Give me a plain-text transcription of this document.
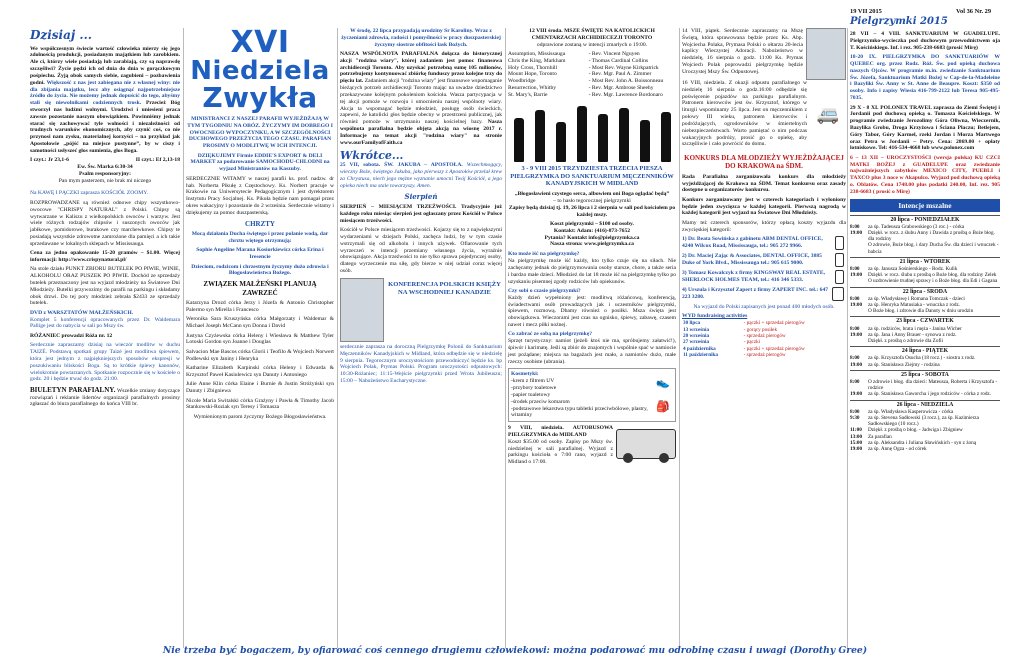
19 VII 2015	Vol 36 Nr. 29
Dzisiaj ...

We współczesnym świecie wartość człowieka mierzy się jego zdolnością produkcji, posiadanym majątkiem lub zarobkiem. Ale ci, którzy wiele posiadają lub zarabiają, czy są naprawdę szczęśliwi? Życie pędzi ich od dnia do dnia w gorączkowym pośpiechu. Żyją obok samych siebie, zagubieni – pozbawienia godni. Większość z nas jest zabiegana nie z własnej winy: nie dla zbijania majątku, lecz aby osiągnąć najpotrzebniejsze źródło do życia. Nie możemy jednak dopuścić do tego, abyśmy stali się niewolnikami codziennych trosk. Przecież Bóg stworzył nas ludźmi wolnymi. Urodziwi i uniesieni praca zawsze pozostanie naszym obowiązkiem. Powinniśmy jednak starać się zachowywać tyle wolności i niezależności od trudnych warunków ekonomicznych, aby czynić coś, co nie przynosi nam zysku, materialnej korzyści – na przykład jak Apostołowie „pójść na miejsce pustynne”, by w ciszy i samotności usłyszeć głos sumienia, głos Boga.

I czyt.: Jr 23,1-6	II czyt.: Ef 2,13-18
Ew. Św. Marka 6:30-34
Psalm responsoryjny:
Pan mym pasterzem, nie brak mi niczego

Na KAWĘ I PĄCZKI zaprasza KOŚCIÓŁ ZOOMY.

ROZPROWADZANE są również odnowe chipy wszystkowo-owocowe "CHRISPY NATURAL" z Polski. Chipsy są wytwarzane w Kaliszu z wielkopolskich owoców i warzyw. Jest wiele różnych rodzajów chipsów i suszonych owoców jak jabłkowe, pomidorowe, burakowe czy marchewkowe. Chipsy te posiadają wszystkie zdrowotne zamrożone dla pamięci a ich takie sprzedawane w lokalnych sklepach w Mississauga.

Cena za jedno opakowanie 15-20 gramów – $1.00. Więcej informacji: http://www.crispynatural.pl/

Na stole działu PUNKT ZBIORU BUTELEK PO PIWIE, WINIE, ALKOHOLU ORAZ PUSZEK PO PIWIE. Dochód ze sprzedaży butelek przeznaczony jest na wyjazd młodzieży na Światowe Dni Młodzieży. Butelki przywozimy do parafii na parkingu i składamy obok drzwi. Do tej pory młodzież zebrała $2433 ze sprzedaży butelek.

DVD z WARSZTATÓW MAŁŻEŃSKICH.

Komplet 5 konferencji opracowanych przez Dr. Waldemara Pallige jest do nabycia w sali po Mszy św.

RÓŻANIEC prowadzi Róża nr. 12

Serdecznie zapraszamy dzisiaj na wieczór modlitw w duchu TAIZÉ. Podstawą spotkań grupy Taizé jest modlitwa śpiewem, która jest jednym z najpiękniejszych sposobów ekspresji w poszukiwaniu bliskości Boga. Są to krótkie śpiewy kanonów, wielokrotnie powtarzanych. Spotkanie rozpocznie się w kościele o godz. 20 i będzie trwać do godz. 21:00.

BIULETYN PARAFIALNY. Wszelkie zmiany dotyczące rozwiązań i reklamie lidertów organizacji parafialnych prosimy zgłaszać do biura parafialnego do końca VIII br.

XVI
Niedziela
Zwykła

MINISTRANCI Z NASZEJ PARAFII WYJEŻDŻAJĄ W TYM TYGODNIU NA OBÓZ. ŻYCZYMY IM DOBREGO I OWOCNEGO WYPOCZYNKU, A W SZCZEGÓLNOŚCI DUCHOWEGO PRZEŻYCIA TEGO CZASU. PARAFIAN PROSIMY O MODLITWĘ W ICH INTENCJI.

DZIĘKUJEMY Firmie EDDIE'S EXPORT & DELI MARKET za podarowanie SAMOCHODU-CHLODNI na wyjazd Ministrantów na Kaszuby.

SERDECZNIE WITAMY w naszej parafii ks. prof. nadzw. dr hab. Norberta Pikułę z Częstochowy. Ks. Norbert pracuje w Krakowie na Uniwersytecie Pedagogicznym i jest dyrektorem Instytutu Pracy Socjalnej. Ks. Pikuła będzie nam pomagał przez okres wakacyjny i pozostanie do 2 września. Serdecznie witamy i dziękujemy za pomoc duszpasterską.

CHRZTY

Mocą działania Ducha świętego i przez polanie wodą, dar chrztu więtego otrzymują:

Sophie Angeline Marana Kosiorkiewicz córka Erina i Iresencie

Dzieciom, rodzicom i chrzestnym życzymy dużo zdrowia i Błogosławieństwa Bożego.

ZWIĄZEK MAŁŻEŃSKI PLANUJĄ ZAWRZEĆ

Katarzyna Drozd córka Jerzy i Józefa & Antonio Christopher Palermo syn Mirella i Francesco

Weronika Sara Kruszyńska córka Małgorzaty i Waldemar & Michael Joseph McCann syn Donna i David

Justyna Czyżewska córka Heleny i Wiesława & Matthew Tyler Lotoski Gordon syn Joanne i Douglas

Salvacion Mae Bascos córka Glorii i Teofilo & Wojciech Norwert Podlewski syn Janiny i Henryka

Katharine Elizabeth Karpinski córka Heleny i Edwarda & Krzysztof Paweł Kasiulewicz syn Danuty i Antoniego

Julie Anne Klin córka Elaine i Burnie & Justin Stróżyński syn Danuty i Zbigniewa

Nicole Maria Switalski córka Grażyny i Pawła & Timothy Jacob Stankowski-Roziak syn Teresy i Tomasza

Wymienionym parom życzymy Bożego Błogosławieństwa.

W środę, 22 lipca przypadają urodziny Sr Karoliny. Wraz z życzeniami zdrowia, radości i pomyślności w pracy duszpasterskiej życzymy siostrze obfitości łask Bożych.

NASZA WSPÓLNOTA PARAFIALNA dołącza do historycznej akcji "rodzina wiary", której zadaniem jest pomoc finansowa archidiecezji Toronto. Aby uzyskać potrzebną sumę 105 milionów, potrzebujemy kontynuować zbiórkę funduszy przez kolejne trzy do pięciu lat. Zadaniem akcji "rodzina wiary" jest finansowe wspomaganie bieżących potrzeb archidiecezji Toronto mając na uwadze dziedzictwo przekazywane kolejnym pokoleniom kościoła. Wasza partycypacja w tej akcji pomoże w rozwoju i umocnieniu naszej wspólnoty wiary. Akcja ta wspomagać będzie młodzież, posługę osób świeckich, zapewni, że katolicki głos będzie obecny w przestrzeni publicznej, jak również pomoże w utrzymaniu naszej kościelnej bazy. Nasza wspólnota parafialna będzie objęta akcją na wiosnę 2017 r. Informacje na temat akcji "rodzina wiary" na stronie www.ourFamilyofFaith.ca

Wkrótce...

25 VII, sobota. ŚW. JAKUBA – APOSTOŁA. Wszechmogący, wieczny Boże, świętego Jakuba, jako pierwszy z Apostołów przelał krew za Chrystusa, niech jego mężne wyznanie umocni Twój Kościół, a jego opieka niech ma stale towarzyszy. Amen.

Sierpień

SIERPIEŃ – MIESIĄCEM TRZEŹWOŚCI. Tradycyjnie już każdego roku miesiąc sierpień jest ogłaszany przez Kościół w Polsce miesiącem trzeźwości.

Kościół w Polsce miesiącem trzeźwości. Kojarzy się to z największymi wydarzeniami w dziejach Polski, zachęca ludzi, by w tym czasie wstrzymali się od alkoholu i innych używek. Ofiarowanie tych wyrzeczeń w intencji przemiany własnego życia, wyraźnie obowiązujące. Akcja trzeźwości to nie tylko sprawa pojedynczej osoby, dlatego wyrzeczenie ma siłę, gdy bierze w niej udział coraz więcej osób.

KONFERENCJA POLSKICH KSIĘŻY NA WSCHODNIEJ KANADZIE

serdecznie zaprasza na doroczną Pielgrzymkę Polonii do Sanktuarium Męczenników Kanadyjskich w Midland, która odbędzie się w niedzielę 9 sierpnia. Tegorocznym uroczystościom przewodniczyć będzie ks. bp Wojciech Polak, Prymas Polski. Program uroczystości odpustowych: 10:30-Różaniec; 11:15-Wejście pielgrzymki przed Wrota Jubileuszu; 15:00 – Nabożeństwo Eucharystyczne.

12 VIII środa. MSZE ŚWIĘTE NA KATOLICKICH CMENTARZACH ARCHIDIECEZJI TORONTO

odprawione zostaną w intencji zmarłych o 19:00.

Assumption, Mississauga	- Rev. Vincent Nguyen
Chris the King, Markham	- Thomas Cardinal Collins
Holy Cross, Thornhill	- Most Rev. Wayne Kirkpatrick
Mount Hope, Toronto	- Rev. Mgr. Paul A. Zimmer
Woodbridge	- Most Rev. John A. Boissonneau
Resurrection, Whitby	- Rev. Mgr. Ambrose Sheehy
St. Mary's, Barrie	- Rev. Mgr. Lawrence Bordonaro
3 - 9 VIII 2015 TRZYDZIESTA TRZECIA PIESZA PIELGRZYMKA DO SANKTUARIUM MĘCZENNIKÓW KANADYJSKICH W MIDLAND

„Błogosławieni czystego serca, albowiem oni Boga oglądać będą”

– to hasło tegorocznej pielgrzymki

Zapisy będą dzisiaj tj. 19, 26 lipca i 2 sierpnia w sali pod kościołem po każdej mszy.

Koszt pielgrzymki – $100 od osoby.

Kontakt: Adam: (416)-873-7652

Pytania? Kontakt info@pielgrzymka.ca

Nasza strona: www.pielgrzymka.ca

Kto może iść na pielgrzymkę?

Na pielgrzymkę może iść każdy, kto tylko czuje się na siłach. Nie zachęcamy jednak do pielgrzymowania osoby starsze, chore, a także seria i bardzo małe dzieci. Młodzież do lat 18 może iść na pielgrzymkę tylko po uzyskaniu pisemnej zgody rodziców lub opiekunów.

Czy sobi o czasie pielgrzymki?

Każdy dzień wypełniony jest: modlitwą różańcową, konferencją, świadectwami osób prowadzących jak i uczestników pielgrzymki, śpiewem, rozmową. Dbamy również o posiłki. Msza święta jest obowiązkowa. Wieczorami jest czas na ognisko, śpiewy, zabawę, czasem nawet i mecz piłki nożnej.

Co zabrać ze sobą na pielgrzymkę?

Sprzęt turystyczny: namiot (jeżeli ktoś nie ma, spróbujemy załatwić!), śpiwór i karimatę. Jeśli są zbiór do znajomych i wspólnie spać w namiocie jest pożądane; miejsca na bagażach jest mało, a namiotów dużo, małe rzeczy osobiste (ubrania).

Kosmetyki:
-krem z filtrem UV
-przybory toaletowe
-papier toaletowy
-środek przeciw komarom
-podstawowe lekarstwa typu tabletki przeciwbólowe, plastry, witaminy
👟
🎒

9 VIII, niedziela. AUTOBUSOWA PIELGRZYMKA do MIDLAND

Koszt $35.00 od osoby. Zapisy po Mszy św. niedzielnej w sali parafialnej. Wyjazd z parkingu kościoła o 7:00 rano, wyjazd z Midland o 17:00.

14 VIII, piątek. Serdecznie zapraszamy na Mszę Świętą, która sprawowana będzie przez Ks. Abp. Wojciecha Polaka, Prymasa Polski o ołtarzu 20-lecia kaplicy Wieczystej Adoracji. Nabożeństwo w niedzielę, 16 sierpnia o godz. 11:00 Ks. Prymas Wojciech Polak poprowadzi pielgrzymkę będzie Uroczystej Mszy Św. Odpustowej.

16 VIII, niedziela. Z okazji odpustu parafialnego w niedzielę 16 sierpnia o godz.16:00 odbędzie się poświęcenie pojazdów na parkingu parafialnym. Patronem kierowców jest św. Krzysztof, którego w liturgii wspominamy 25 lipca. Jest on męczennikiem z połowy III wieku, patronem kierowców i podróżujących, ogrodowników w śmiertelnych niebezpieczeństwach. Warto pamiętać o nim podczas wakacyjnych podróży, prosić go o opiekę, aby szczęśliwie i cało powrócić do domu.

🚐
KONKURS DLA MŁODZIEŻY WYJEŻDŻAJĄCEJ DO KRAKOWA na ŚDM.

Rada Parafialna zorganizowała konkurs dla młodzieży wyjeżdżającej do Krakowa na ŚDM. Temat konkursu oraz zasady dostępne u organizatorów konkursu.

Konkurs zorganizowany jest w czterech kategoriach i wyłoniony będzie jeden zwycięzca w każdej kategorii. Pierwszą nagrodą w każdej kategorii jest wyjazd na Światowe Dni Młodzieży.

Mamy też czterech sponsorów, którzy opłacą koszty wyjazdu dla zwycięskiej kategorii:

1) Dr. Beata Sowińska z gabinetu ABM DENTAL OFFICE, 4240 Wilcox Road, Mississauga, tel.: 905 272 9966.
2) Dr. Maciej Zając & Associates, DENTAL OFFICE, 3885 Duke of York Blvd., Mississauga tel.: 905 615 9000.
3) Tomasz Kowalczyk z firmy KINGSWAY REAL ESTATE, SHERLOCK HOLMES TEAM, tel.: 416 346 5333.
4) Urszula i Krzysztof Zapert z firmy ZAPERT INC. tel.: 647 223 3280.

Na wyjazd do Polski zapisanych jest ponad 400 młodych osób.

WYD fundraising activities
30 lipca	- pączki + sprzedaż pierogów
13 września	- gorący posiłek
20 września	- sprzedaż pierogów
27 września	- pączki
4 października	- pączki + sprzedaż pierogów
11 października	- sprzedaż pierogów
Pielgrzymki 2015

28 VII – 4 VIII. SANKTUARIUM W GUADELUPE. Pielgrzymko-wycieczka pod duchowym przewodnictwem oja T. Kościńskiego. Inf. i rez. 905-238-6683 (prosić Mirę)

18-20 IX. PIELGRZYMKA DO SANKTUARIÓW W QUEBEC org. przez Rodz. Róż. Św. pod opieką duchowa naszych Ojców. W programie m.in. zwiedzanie Sanktuarium Św. Józefa, Sanktuarium Matki Bożej w Cap-de-la-Madeleine i Bazyliki Św. Anny w St. Anne de Beaupre. Koszt: $350 od osoby. Info i zapisy Wiesia 416-799-2122 lub Teresa 905-495-7035.

29 X - 8 XI. POLONEX TRAVEL zaprasza do Ziemi Świętej i Jordanii pod duchową opieką o. Tomasza Kościelskiego. W programie zwiedzanie Jerozolimy Góra Oliwna, Wieczernik, Bazylika Grobu, Droga Krzyżowa i Ściana Płaczu; Betlejem, Góry Tabor, Góry Karmel, rzeki Jordan i Morza Martwego oraz Petra w Jordanii – Petry. Cena: 2869.00 + opłaty lotniskowe. Tel: 416-534-4668 lub www.polonex.com

6 – 13 XII – UROCZYSTOŚCI (wersja polska) KU CZCI MATKI BOŻEJ z GUADELUPE oraz zwiedzanie najważniejszych zabytków MEXICO CITY, PUEBLI i TAXCO plus 3 noce w Akapulco. Wyjazd pod duchową opieką o. Oblatów. Cena 1748.00 plus podatki 240.00, Inf. rez. 905 238-6683 ( prosić o Mirę)

Intencje mszalne
20 lipca - PONIEDZIAŁEK
8:00	za śp. Tadeusza Grabowskiego (3 roc.) - córka
19:00	Dziękł. w rocz. z ślubu Anny i Dawida z prośbą o Boże błog. dla rodziny
O zdrowie, Boże błog. i dary Ducha Św. dla dzieci i wnuczek - babcia
21 lipca - WTOREK
8:00	za śp. Janusza Sośnierskiego - Rodz. Kulik
19:00	Dziękł. w rocz. ślubu z prośbą o Boże błog. dla rodziny Zelek
O uzdrowienie trudnej sprawy i o Boże błog. dla Edi i Gagana
22 lipca - ŚRODA
8:00	za śp. Władysławę i Romana Tomczak - dzieci
19:00	za śp. Henryka Matusiaka - wnuczka z rodz.
O Boże błog. i zdrowie dla Danuty w dniu urodzin
23 lipca - CZWARTEK
8:00	za śp. rodziców, brata i męża - Janina Wicher
19:00	za śp. Jana i Anny Brauer - synowa z rodz.
Dziękł. z prośbą o zdrowie dla Zofii
24 lipca - PIĄTEK
8:00	za śp. Krzysztofa Osucha (18 rocz.) - siostra z rodz.
19:00	za śp. Stanisława Ziejmy - rodzina
25 lipca - SOBOTA
8:00	O zdrowie i błog. dla dzieci: Mateusza, Roberta i Krzysztofa - rodzice
19:00	za śp. Stanisława Gaworcha i jego rodziców - córka z rodz.
26 lipca - NIEDZIELA
8:00	za śp. Władysława Kasperowicza - córka
9:30	za śp. Stevena Sadłowski (3 rocz.), za śp. Kazimierza Sadłowskiego (10 rocz.)
11:00	Dziękł. z prośbą o błog. - Jadwiga i Zbigniew
13:00	Za parafian
15:00	za śp. Aleksandra i Juliana Sławińskich - syn z żoną
19:00	za śp. Annę Ogza - od córek
Nie trzeba być bogaczem, by ofiarować coś cennego drugiemu człowiekowi: można podarować mu odrobinę czasu i uwagi (Dorothy Gree)
